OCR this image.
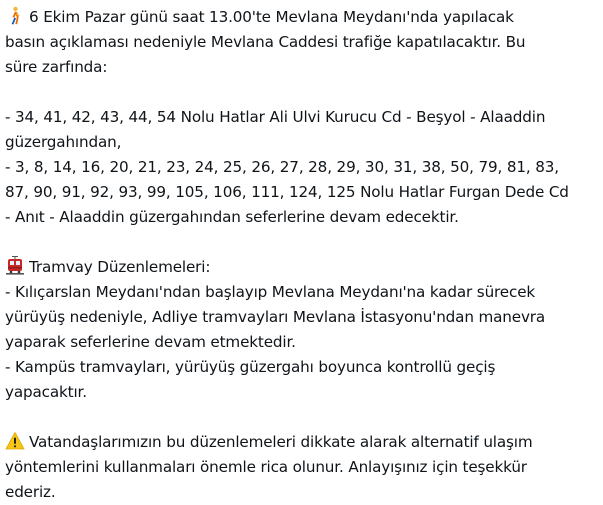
6 Ekim Pazar günü saat 13.00'te Mevlana Meydanı'nda yapılacak
basın açıklaması nedeniyle Mevlana Caddesi trafiğe kapatılacaktır. Bu
süre zarfında:
- 34, 41, 42, 43, 44, 54 Nolu Hatlar Ali Ulvi Kurucu Cd - Beşyol - Alaaddin
güzergahından,
- 3, 8, 14, 16, 20, 21, 23, 24, 25, 26, 27, 28, 29, 30, 31, 38, 50, 79, 81, 83,
87, 90, 91, 92, 93, 99, 105, 106, 111, 124, 125 Nolu Hatlar Furgan Dede Cd
- Anıt - Alaaddin güzergahından seferlerine devam edecektir.
Tramvay Düzenlemeleri:
- Kılıçarslan Meydanı'ndan başlayıp Mevlana Meydanı'na kadar sürecek
yürüyüş nedeniyle, Adliye tramvayları Mevlana İstasyonu'ndan manevra
yaparak seferlerine devam etmektedir.
- Kampüs tramvayları, yürüyüş güzergahı boyunca kontrollü geçiş
yapacaktır.
Vatandaşlarımızın bu düzenlemeleri dikkate alarak alternatif ulaşım
yöntemlerini kullanmaları önemle rica olunur. Anlayışınız için teşekkür
ederiz.
